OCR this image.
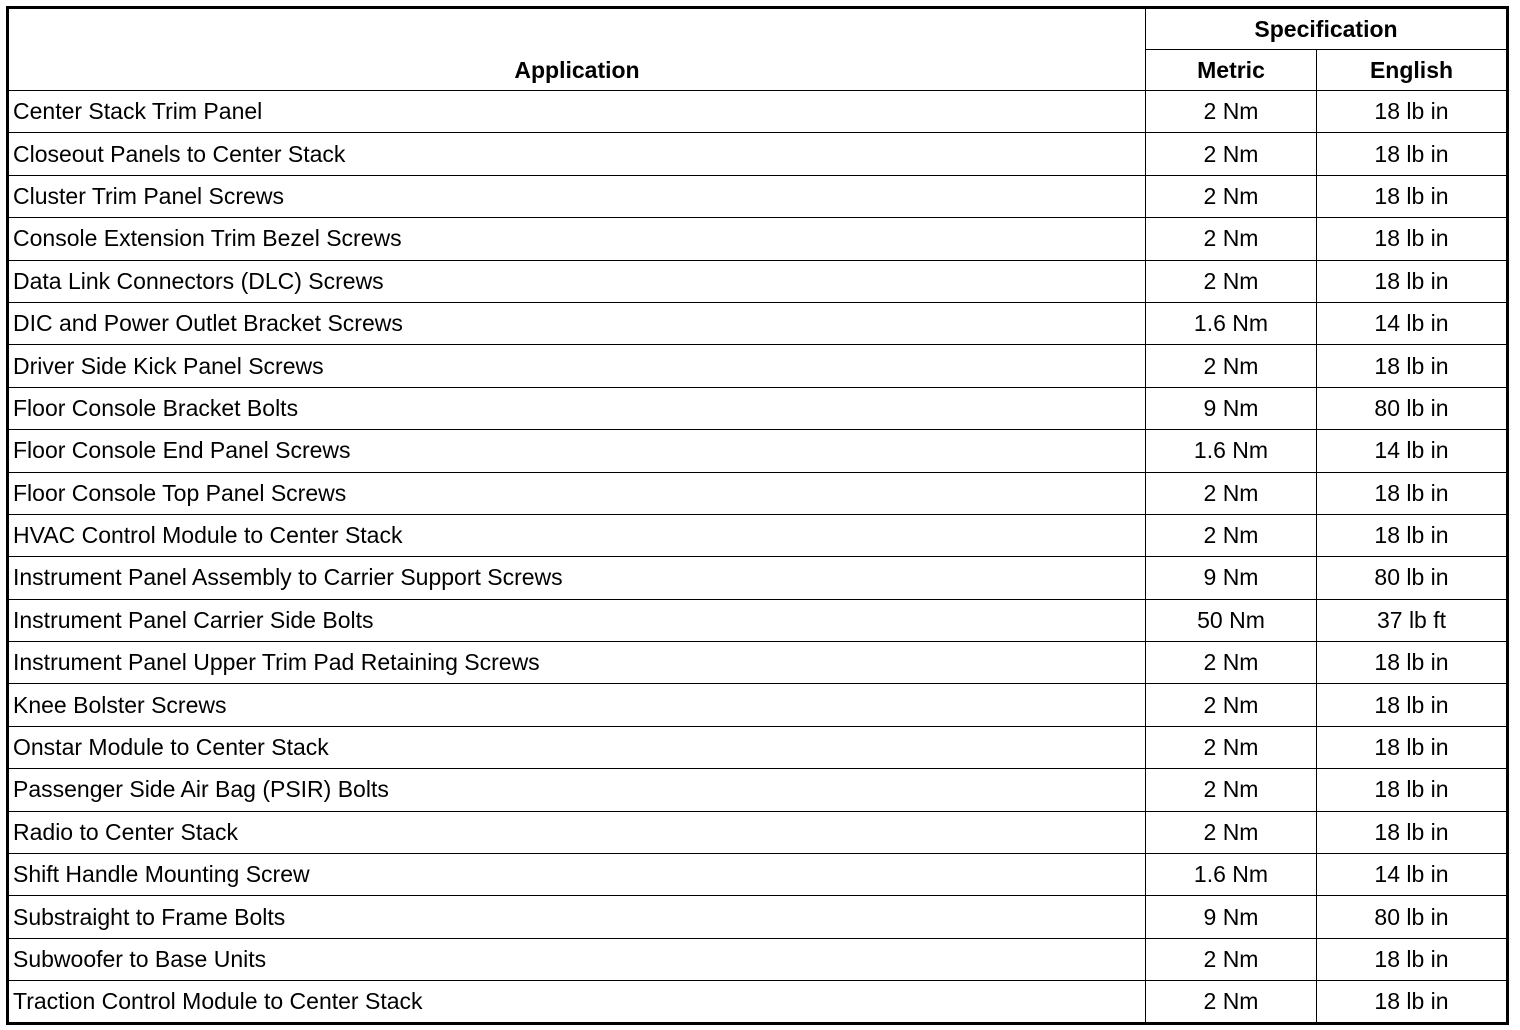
Application	Specification	
	Metric	English
Center Stack Trim Panel	2 Nm	18 lb in
Closeout Panels to Center Stack	2 Nm	18 lb in
Cluster Trim Panel Screws	2 Nm	18 lb in
Console Extension Trim Bezel Screws	2 Nm	18 lb in
Data Link Connectors (DLC) Screws	2 Nm	18 lb in
DIC and Power Outlet Bracket Screws	1.6 Nm	14 lb in
Driver Side Kick Panel Screws	2 Nm	18 lb in
Floor Console Bracket Bolts	9 Nm	80 lb in
Floor Console End Panel Screws	1.6 Nm	14 lb in
Floor Console Top Panel Screws	2 Nm	18 lb in
HVAC Control Module to Center Stack	2 Nm	18 lb in
Instrument Panel Assembly to Carrier Support Screws	9 Nm	80 lb in
Instrument Panel Carrier Side Bolts	50 Nm	37 lb ft
Instrument Panel Upper Trim Pad Retaining Screws	2 Nm	18 lb in
Knee Bolster Screws	2 Nm	18 lb in
Onstar Module to Center Stack	2 Nm	18 lb in
Passenger Side Air Bag (PSIR) Bolts	2 Nm	18 lb in
Radio to Center Stack	2 Nm	18 lb in
Shift Handle Mounting Screw	1.6 Nm	14 lb in
Substraight to Frame Bolts	9 Nm	80 lb in
Subwoofer to Base Units	2 Nm	18 lb in
Traction Control Module to Center Stack	2 Nm	18 lb in
